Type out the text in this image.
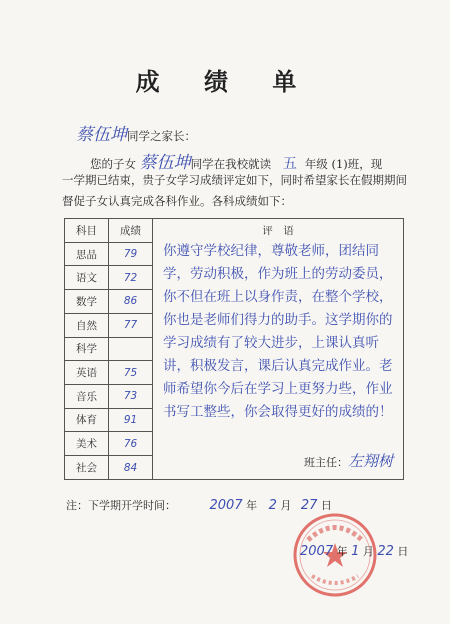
成 绩 单
蔡伍坤同学之家长：
您的子女 蔡伍坤同学在我校就读 五 年级 (1)班，现
一学期已结束，贵子女学习成绩评定如下，同时希望家长在假期期间
督促子女认真完成各科作业。各科成绩如下：
科目	成绩	评　语
你遵守学校纪律，尊敬老师，团结同学，劳动积极，作为班上的劳动委员，你不但在班上以身作责，在整个学校，你也是老师们得力的助手。这学期你的学习成绩有了较大进步，上课认真听讲，积极发言，课后认真完成作业。老师希望你今后在学习上更努力些，作业书写工整些，你会取得更好的成绩的！
班主任：左翔树

思品	79	
语文	72	
数学	86	
自然	77	
科学		
英语	75	
音乐	73	
体育	91	
美术	76	
社会	84	
注：下学期开学时间：	2007 年 2 月 27 日
2007 年 1 月 22 日
